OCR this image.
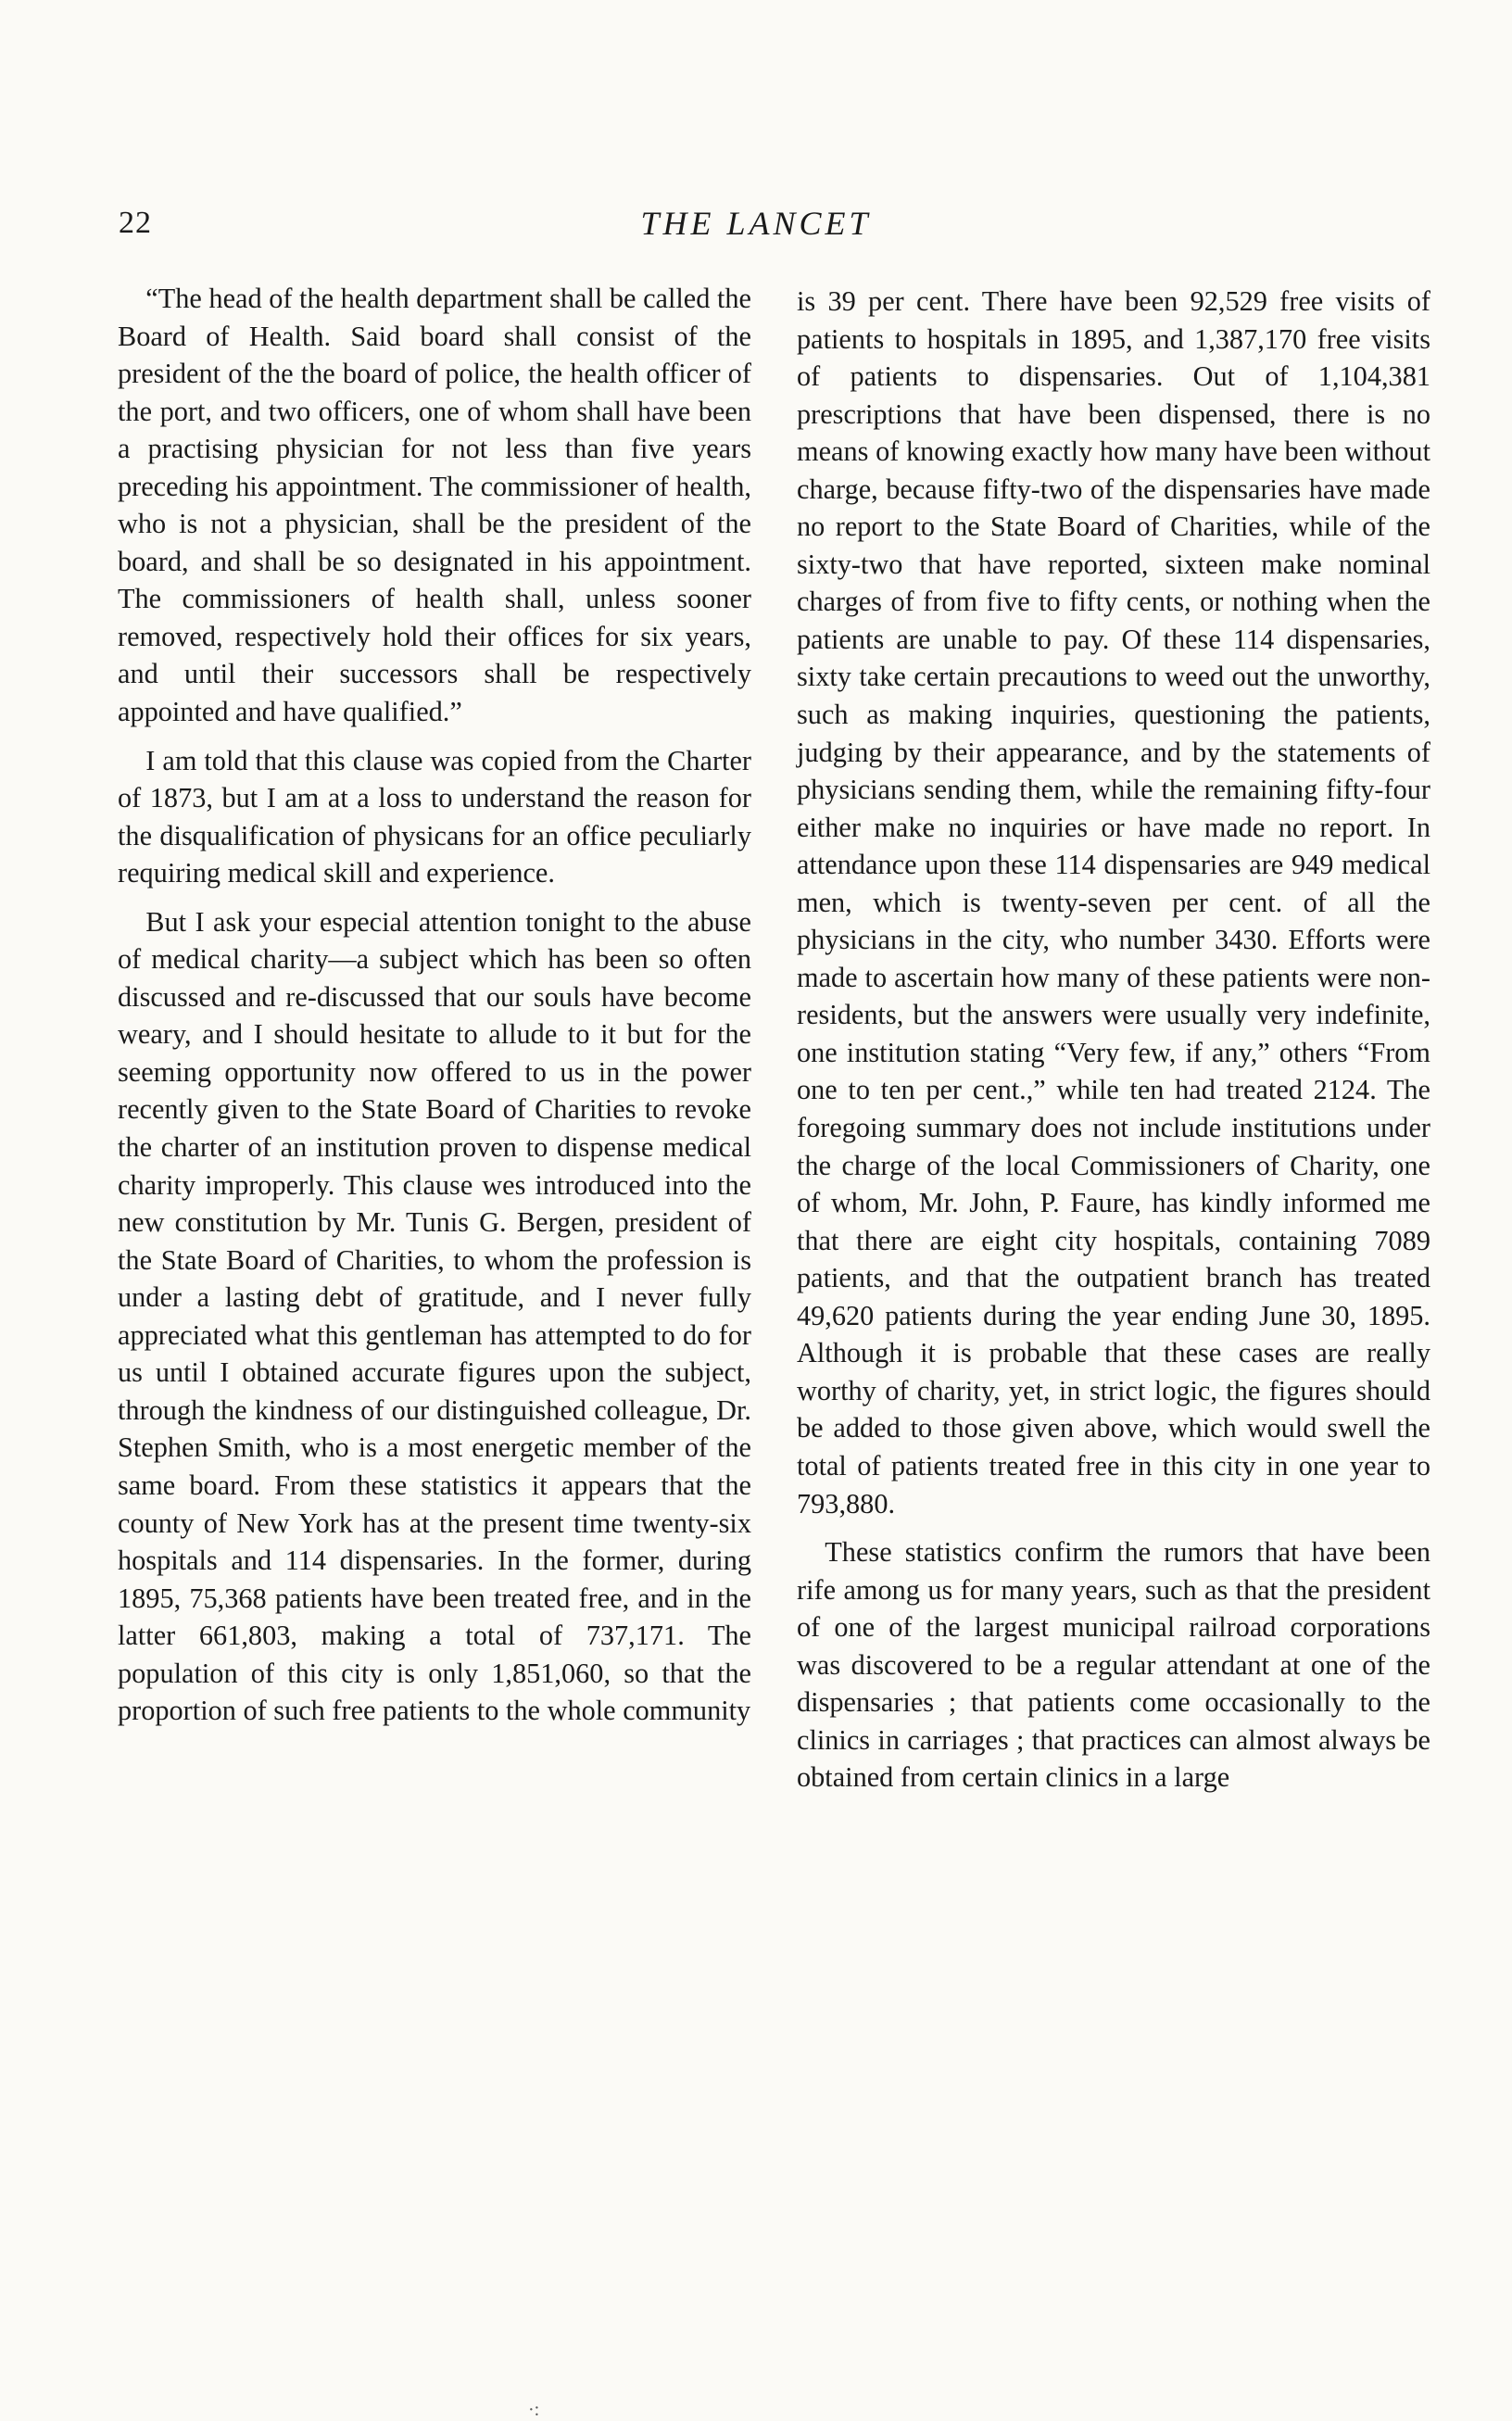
22	THE LANCET

“The head of the health department shall be called the Board of Health. Said board shall consist of the president of the the board of police, the health officer of the port, and two officers, one of whom shall have been a practising physician for not less than five years preceding his appointment. The commissioner of health, who is not a physician, shall be the president of the board, and shall be so designated in his appointment. The commissioners of health shall, unless sooner removed, respectively hold their offices for six years, and until their successors shall be respectively appointed and have qualified.”

I am told that this clause was copied from the Charter of 1873, but I am at a loss to understand the reason for the disqualification of physicans for an office peculiarly requiring medical skill and experience.

But I ask your especial attention tonight to the abuse of medical charity—a subject which has been so often discussed and re-discussed that our souls have become weary, and I should hesitate to allude to it but for the seeming opportunity now offered to us in the power recently given to the State Board of Charities to revoke the charter of an institution proven to dispense medical charity improperly. This clause wes introduced into the new constitution by Mr. Tunis G. Bergen, president of the State Board of Charities, to whom the profession is under a lasting debt of gratitude, and I never fully appreciated what this gentleman has attempted to do for us until I obtained accurate figures upon the subject, through the kindness of our distinguished colleague, Dr. Stephen Smith, who is a most energetic member of the same board. From these statistics it appears that the county of New York has at the present time twenty-six hospitals and 114 dispensaries. In the former, during 1895, 75,368 patients have been treated free, and in the latter 661,803, making a total of 737,171. The population of this city is only 1,851,060, so that the proportion of such free patients to the whole community

is 39 per cent. There have been 92,529 free visits of patients to hospitals in 1895, and 1,387,170 free visits of patients to dispensaries. Out of 1,104,381 prescriptions that have been dispensed, there is no means of knowing exactly how many have been without charge, because fifty-two of the dispensaries have made no report to the State Board of Charities, while of the sixty-two that have reported, sixteen make nominal charges of from five to fifty cents, or nothing when the patients are unable to pay. Of these 114 dispensaries, sixty take certain precautions to weed out the unworthy, such as making inquiries, questioning the patients, judging by their appearance, and by the statements of physicians sending them, while the remaining fifty-four either make no inquiries or have made no report. In attendance upon these 114 dispensaries are 949 medical men, which is twenty-seven per cent. of all the physicians in the city, who number 3430. Efforts were made to ascertain how many of these patients were non-residents, but the answers were usually very indefinite, one institution stating “Very few, if any,” others “From one to ten per cent.,” while ten had treated 2124. The foregoing summary does not include institutions under the charge of the local Commissioners of Charity, one of whom, Mr. John, P. Faure, has kindly informed me that there are eight city hospitals, containing 7089 patients, and that the outpatient branch has treated 49,620 patients during the year ending June 30, 1895. Although it is probable that these cases are really worthy of charity, yet, in strict logic, the figures should be added to those given above, which would swell the total of patients treated free in this city in one year to 793,880.

These statistics confirm the rumors that have been rife among us for many years, such as that the president of one of the largest municipal railroad corporations was discovered to be a regular attendant at one of the dispensaries ; that patients come occasionally to the clinics in carriages ; that practices can almost always be obtained from certain clinics in a large

·:
